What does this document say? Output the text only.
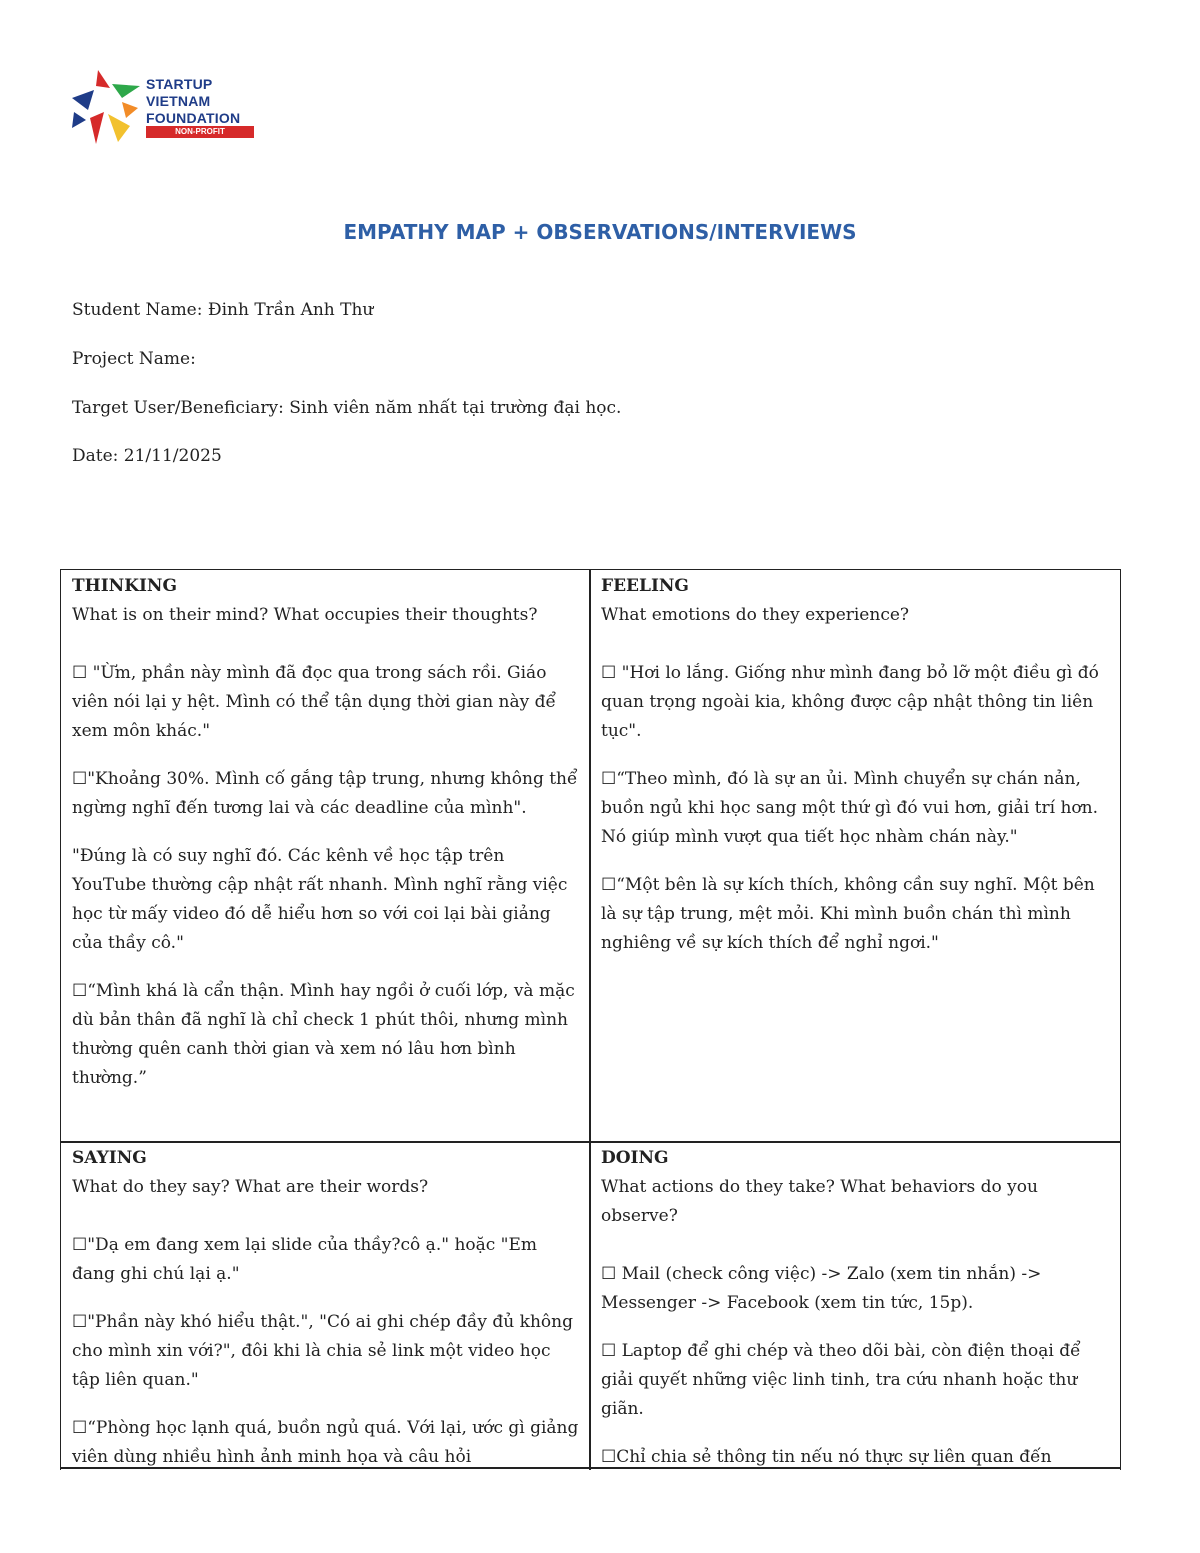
STARTUP
VIETNAM
FOUNDATION
NON-PROFIT
EMPATHY MAP + OBSERVATIONS/INTERVIEWS
Student Name: Đinh Trần Anh Thư
Project Name:
Target User/Beneficiary: Sinh viên năm nhất tại trường đại học.
Date: 21/11/2025
THINKING
What is on their mind? What occupies their thoughts?

☐ "Ừm, phần này mình đã đọc qua trong sách rồi. Giáo viên nói lại y hệt. Mình có thể tận dụng thời gian này để xem môn khác."

☐"Khoảng 30%. Mình cố gắng tập trung, nhưng không thể ngừng nghĩ đến tương lai và các deadline của mình".

"Đúng là có suy nghĩ đó. Các kênh về học tập trên YouTube thường cập nhật rất nhanh. Mình nghĩ rằng việc học từ mấy video đó dễ hiểu hơn so với coi lại bài giảng của thầy cô."

☐“Mình khá là cẩn thận. Mình hay ngồi ở cuối lớp, và mặc dù bản thân đã nghĩ là chỉ check 1 phút thôi, nhưng mình thường quên canh thời gian và xem nó lâu hơn bình thường.”

FEELING
What emotions do they experience?

☐ "Hơi lo lắng. Giống như mình đang bỏ lỡ một điều gì đó quan trọng ngoài kia, không được cập nhật thông tin liên tục".

☐“Theo mình, đó là sự an ủi. Mình chuyển sự chán nản, buồn ngủ khi học sang một thứ gì đó vui hơn, giải trí hơn. Nó giúp mình vượt qua tiết học nhàm chán này."

☐“Một bên là sự kích thích, không cần suy nghĩ. Một bên là sự tập trung, mệt mỏi. Khi mình buồn chán thì mình nghiêng về sự kích thích để nghỉ ngơi."

SAYING
What do they say? What are their words?

☐"Dạ em đang xem lại slide của thầy?cô ạ." hoặc "Em đang ghi chú lại ạ."

☐"Phần này khó hiểu thật.", "Có ai ghi chép đầy đủ không cho mình xin với?", đôi khi là chia sẻ link một video học tập liên quan."

☐“Phòng học lạnh quá, buồn ngủ quá. Với lại, ước gì giảng viên dùng nhiều hình ảnh minh họa và câu hỏi

DOING
What actions do they take? What behaviors do you observe?

☐ Mail (check công việc) -> Zalo (xem tin nhắn) -> Messenger -> Facebook (xem tin tức, 15p).

☐ Laptop để ghi chép và theo dõi bài, còn điện thoại để giải quyết những việc linh tinh, tra cứu nhanh hoặc thư giãn.

☐Chỉ chia sẻ thông tin nếu nó thực sự liên quan đến
